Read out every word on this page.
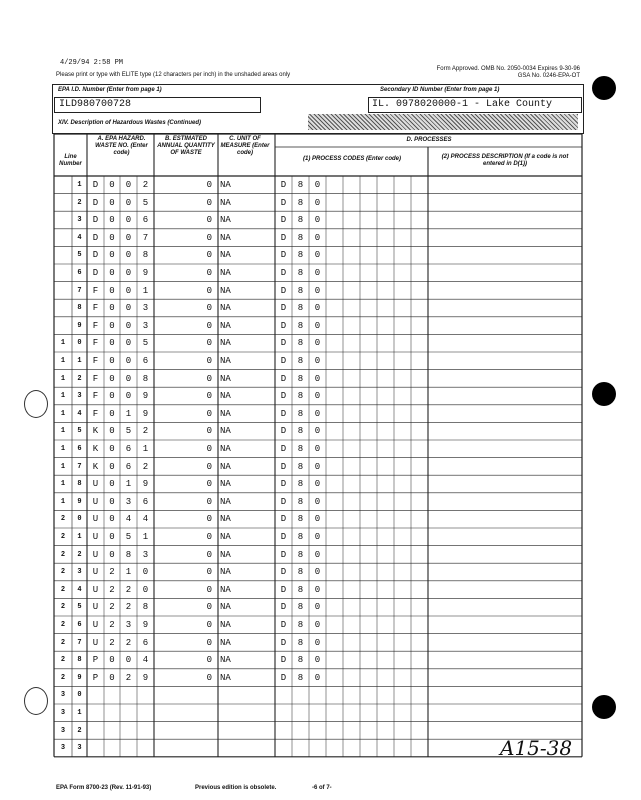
4/29/94 2:58 PM
Please print or type with ELITE type (12 characters per inch) in the unshaded areas only
Form Approved. OMB No. 2050-0034 Expires 9-30-96
GSA No. 0246-EPA-OT
EPA I.D. Number (Enter from page 1)
ILD980700728
Secondary ID Number (Enter from page 1)
IL. 0978020000-1 - Lake County
XIV. Description of Hazardous Wastes (Continued)
Line Number
A. EPA HAZARD. WASTE NO. (Enter code)
B. ESTIMATED ANNUAL QUANTITY OF WASTE
C. UNIT OF MEASURE (Enter code)
D. PROCESSES
(1) PROCESS CODES (Enter code)	(2) PROCESS DESCRIPTION (If a code is not entered in D(1))
1	D	0	0	2	0 NA	D	8	0
2	D	0	0	5	0 NA	D	8	0
3	D	0	0	6	0 NA	D	8	0
4	D	0	0	7	0 NA	D	8	0
5	D	0	0	8	0 NA	D	8	0
6	D	0	0	9	0 NA	D	8	0
7	F	0	0	1	0 NA	D	8	0
8	F	0	0	3	0 NA	D	8	0
9	F	0	0	3	0 NA	D	8	0
1	0	F	0	0	5	0 NA	D	8	0
1	1	F	0	0	6	0 NA	D	8	0
1	2	F	0	0	8	0 NA	D	8	0
1	3	F	0	0	9	0 NA	D	8	0
1	4	F	0	1	9	0 NA	D	8	0
1	5	K	0	5	2	0 NA	D	8	0
1	6	K	0	6	1	0 NA	D	8	0
1	7	K	0	6	2	0 NA	D	8	0
1	8	U	0	1	9	0 NA	D	8	0
1	9	U	0	3	6	0 NA	D	8	0
2	0	U	0	4	4	0 NA	D	8	0
2	1	U	0	5	1	0 NA	D	8	0
2	2	U	0	8	3	0 NA	D	8	0
2	3	U	2	1	0	0 NA	D	8	0
2	4	U	2	2	0	0 NA	D	8	0
2	5	U	2	2	8	0 NA	D	8	0
2	6	U	2	3	9	0 NA	D	8	0
2	7	U	2	2	6	0 NA	D	8	0
2	8	P	0	0	4	0 NA	D	8	0
2	9	P	0	2	9	0 NA	D	8	0
3	0
3	1
3	2
3	3	A15-38
EPA Form 8700-23 (Rev. 11-91-93)	Previous edition is obsolete.	-6 of 7-
